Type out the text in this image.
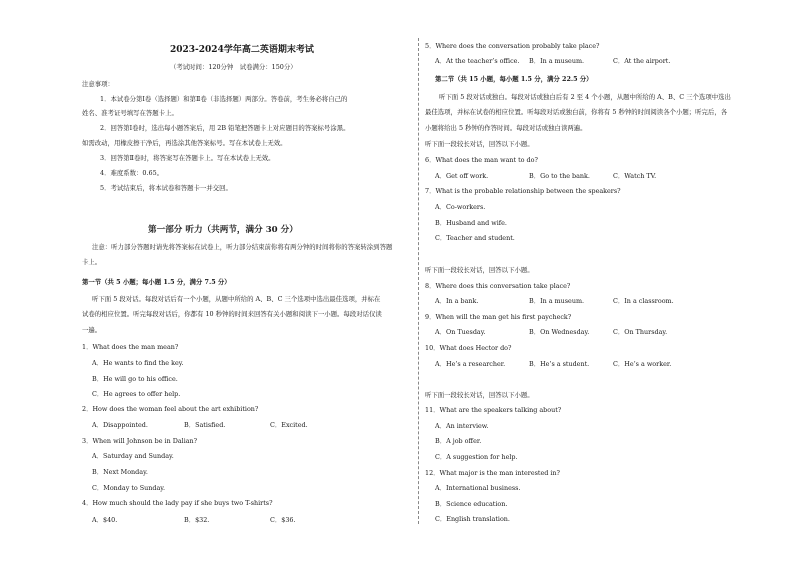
2023-2024学年高二英语期末考试
（考试时间：120分钟　试卷满分：150分）
注意事项：
1．本试卷分第Ⅰ卷（选择题）和第Ⅱ卷（非选择题）两部分。答卷前，考生务必将自己的
姓名、准考证号填写在答题卡上。
2．回答第Ⅰ卷时，选出每小题答案后，用 2B 铅笔把答题卡上对应题目的答案标号涂黑。
如需改动，用橡皮擦干净后，再选涂其他答案标号。写在本试卷上无效。
3．回答第Ⅱ卷时，将答案写在答题卡上。写在本试卷上无效。
4．难度系数：0.65。
5．考试结束后，将本试卷和答题卡一并交回。
第一部分 听力（共两节，满分 30 分）
注意：听力部分答题时请先将答案标在试卷上，听力部分结束前你将有两分钟的时间将你的答案转涂到答题
卡上。
第一节（共 5 小题；每小题 1.5 分，满分 7.5 分）
听下面 5 段对话。每段对话后有一个小题，从题中所给的 A、B、C 三个选项中选出最佳选项，并标在
试卷的相应位置。听完每段对话后，你都有 10 秒钟的时间来回答有关小题和阅读下一小题。每段对话仅读
一遍。
1．What does the man mean?
A．He wants to find the key.
B．He will go to his office.
C．He agrees to offer help.
2．How does the woman feel about the art exhibition?
A．Disappointed.	B．Satisfied.	C．Excited.
3．When will Johnson be in Dalian?
A．Saturday and Sunday.
B．Next Monday.
C．Monday to Sunday.
4．How much should the lady pay if she buys two T-shirts?
A．$40.	B．$32.	C．$36.
5．Where does the conversation probably take place?
A．At the teacher’s office. B．In a museum.	C．At the airport.
第二节（共 15 小题，每小题 1.5 分，满分 22.5 分）
听下面 5 段对话或独白。每段对话或独白后有 2 至 4 个小题，从题中所给的 A、B、C 三个选项中选出
最佳选项，并标在试卷的相应位置。听每段对话或独白前，你将有 5 秒钟的时间阅读各个小题；听完后，各
小题将给出 5 秒钟的作答时间。每段对话或独白读两遍。
听下面一段较长对话，回答以下小题。
6．What does the man want to do?
A．Get off work.	B．Go to the bank.	C．Watch TV.
7．What is the probable relationship between the speakers?
A．Co-workers.
B．Husband and wife.
C．Teacher and student.
听下面一段较长对话，回答以下小题。
8．Where does this conversation take place?
A．In a bank.	B．In a museum.	C．In a classroom.
9．When will the man get his first paycheck?
A．On Tuesday.	B．On Wednesday.	C．On Thursday.
10．What does Hector do?
A．He’s a researcher.	B．He’s a student.	C．He’s a worker.
听下面一段较长对话，回答以下小题。
11．What are the speakers talking about?
A．An interview.
B．A job offer.
C．A suggestion for help.
12．What major is the man interested in?
A．International business.
B．Science education.
C．English translation.
